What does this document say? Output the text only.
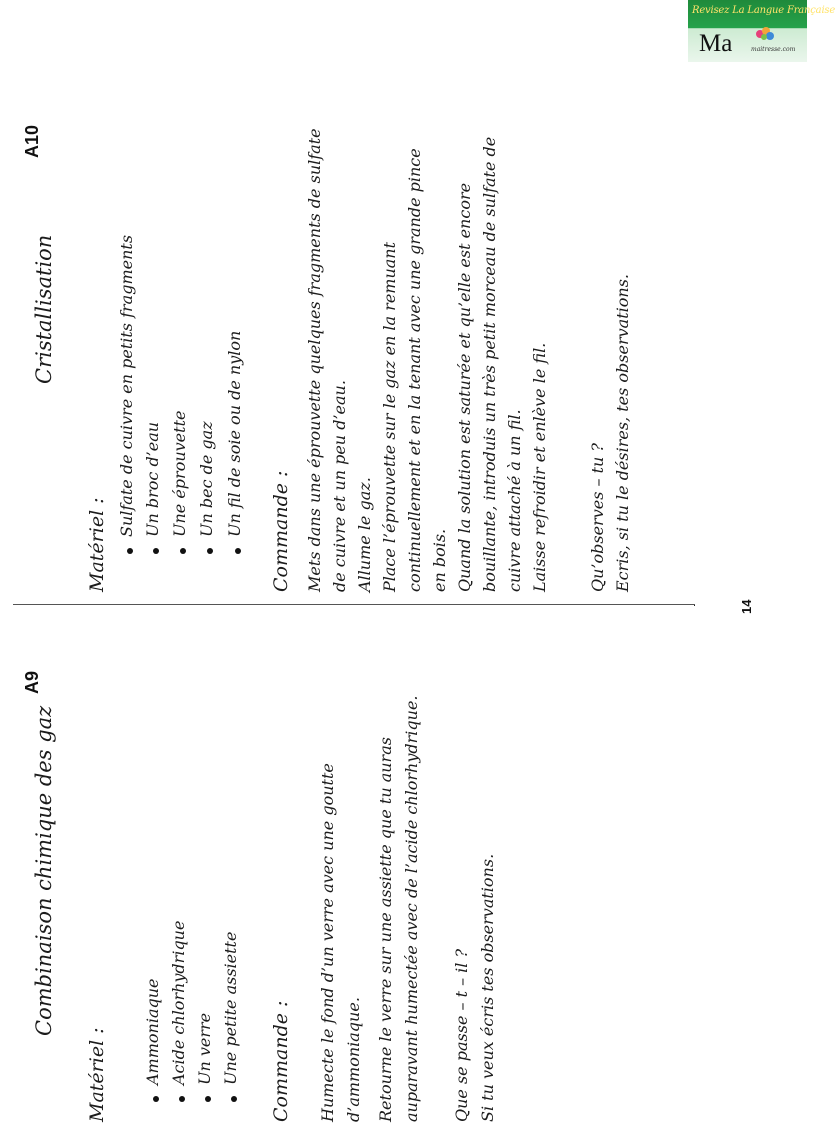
Revisez La Langue Française
Ma	maitresse.com
14
A10
Cristallisation
Matériel :
Sulfate de cuivre en petits fragments Un broc d’eau Une éprouvette Un bec de gaz Un fil de soie ou de nylon Commande : Mets dans une éprouvette quelques fragments de sulfate de cuivre et un peu d’eau. Allume le gaz. Place l’éprouvette sur le gaz en la remuant continuellement et en la tenant avec une grande pince en bois. Quand la solution est saturée et qu’elle est encore bouillante, introduis un très petit morceau de sulfate de cuivre attaché à un fil. Laisse refroidir et enlève le fil. Qu’observes – tu ? Ecris, si tu le désires, tes observations.
A9
Combinaison chimique des gaz
Matériel : Ammoniaque Acide chlorhydrique Un verre Une petite assiette Commande : Humecte le fond d’un verre avec une goutte d’ammoniaque. Retourne le verre sur une assiette que tu auras auparavant humectée avec de l’acide chlorhydrique. Que se passe – t – il ? Si tu veux écris tes observations.
